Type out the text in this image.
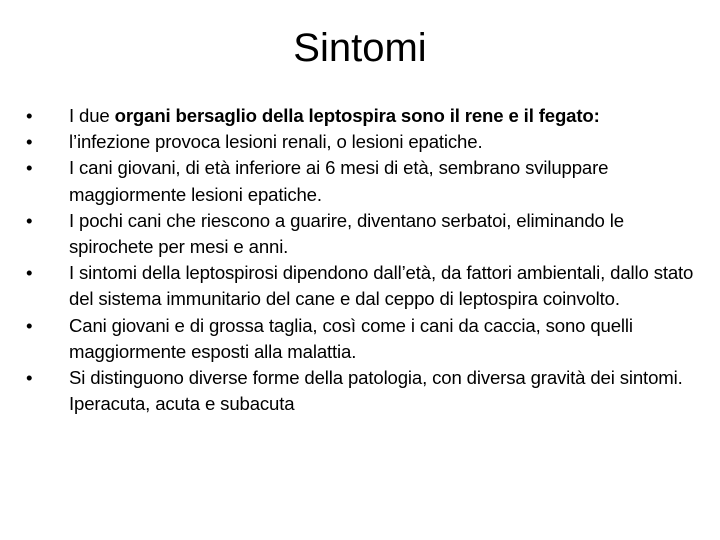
Sintomi
•	I due organi bersaglio della leptospira sono il rene e il fegato:
•	l’infezione provoca lesioni renali, o lesioni epatiche.
•	I cani giovani, di età inferiore ai 6 mesi di età, sembrano sviluppare maggiormente lesioni epatiche.
•	I pochi cani che riescono a guarire, diventano serbatoi, eliminando le spirochete per mesi e anni.
•	I sintomi della leptospirosi dipendono dall’età, da fattori ambientali, dallo stato del sistema immunitario del cane e dal ceppo di leptospira coinvolto.
•	Cani giovani e di grossa taglia, così come i cani da caccia, sono quelli maggiormente esposti alla malattia.
•	Si distinguono diverse forme della patologia, con diversa gravità dei sintomi. Iperacuta, acuta e subacuta
